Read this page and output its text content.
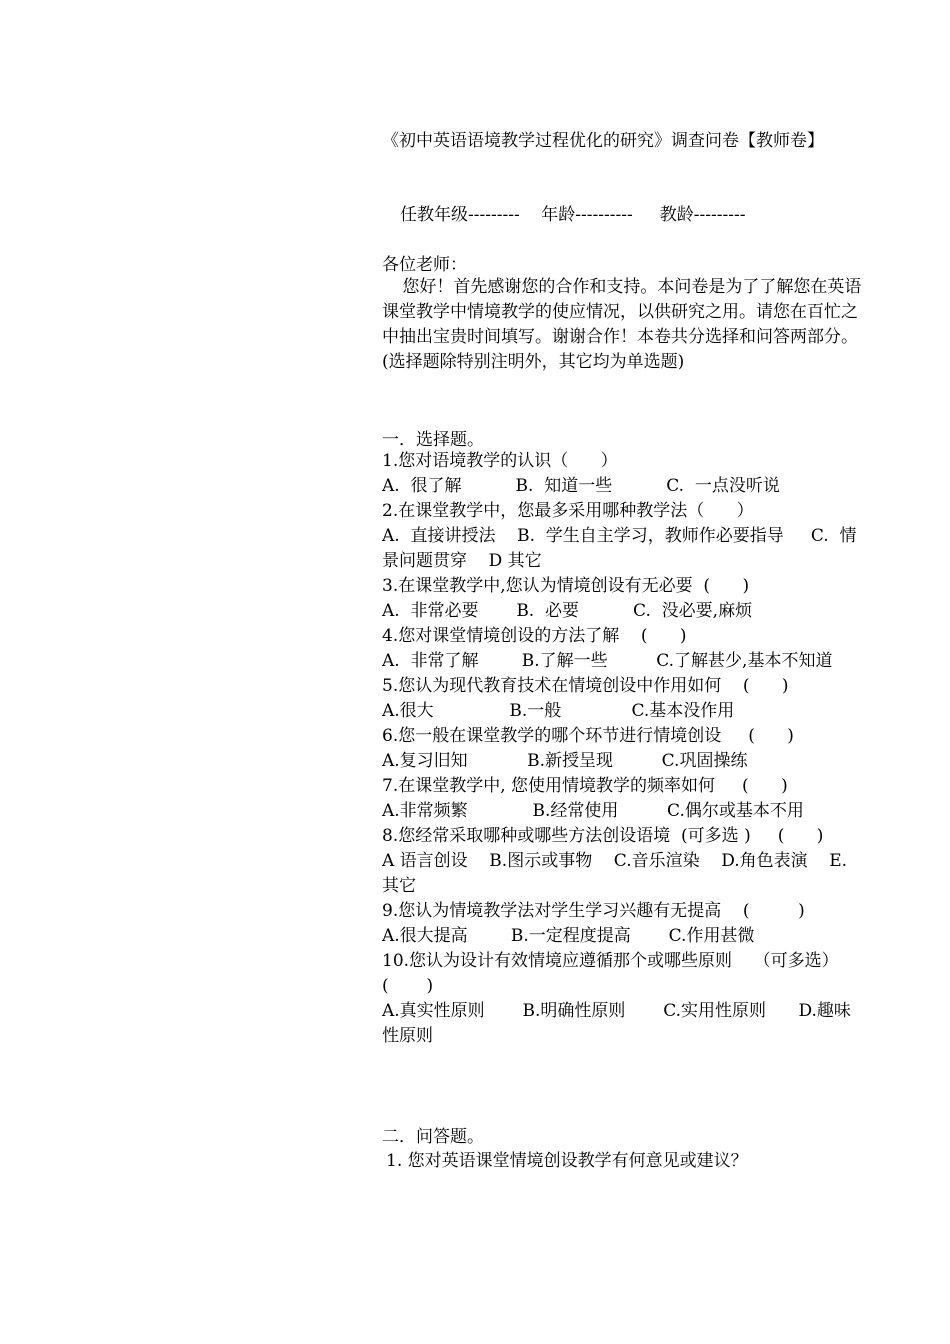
《初中英语语境教学过程优化的研究》调查问卷【教师卷】
任教年级---------    年龄----------     教龄---------
各位老师：
您好！首先感谢您的合作和支持。本问卷是为了了解您在英语课堂教学中情境教学的使应情况，以供研究之用。请您在百忙之中抽出宝贵时间填写。谢谢合作！本卷共分选择和问答两部分。(选择题除特别注明外，其它均为单选题)
一．选择题。
1.您对语境教学的认识（      ）
A.  很了解          B.  知道一些          C.  一点没听说
2.在课堂教学中，您最多采用哪种教学法（      ）
A.  直接讲授法    B.  学生自主学习，教师作必要指导     C.  情景问题贯穿    D 其它
3.在课堂教学中,您认为情境创设有无必要  (      )
A.  非常必要       B.  必要          C.  没必要,麻烦
4.您对课堂情境创设的方法了解    (      )
A.  非常了解        B.了解一些         C.了解甚少,基本不知道
5.您认为现代教育技术在情境创设中作用如何    (      )
A.很大              B.一般             C.基本没作用
6.您一般在课堂教学的哪个环节进行情境创设     (      )
A.复习旧知           B.新授呈现         C.巩固操练
7.在课堂教学中, 您使用情境教学的频率如何     (      )
A.非常频繁            B.经常使用         C.偶尔或基本不用
8.您经常采取哪种或哪些方法创设语境  (可多选 )     (      )
A 语言创设    B.图示或事物    C.音乐渲染    D.角色表演    E.其它
9.您认为情境教学法对学生学习兴趣有无提高    (         )
A.很大提高        B.一定程度提高       C.作用甚微
10.您认为设计有效情境应遵循那个或哪些原则    （可多选）     (       )
A.真实性原则       B.明确性原则       C.实用性原则      D.趣味性原则
二．问答题。
1. 您对英语课堂情境创设教学有何意见或建议？
